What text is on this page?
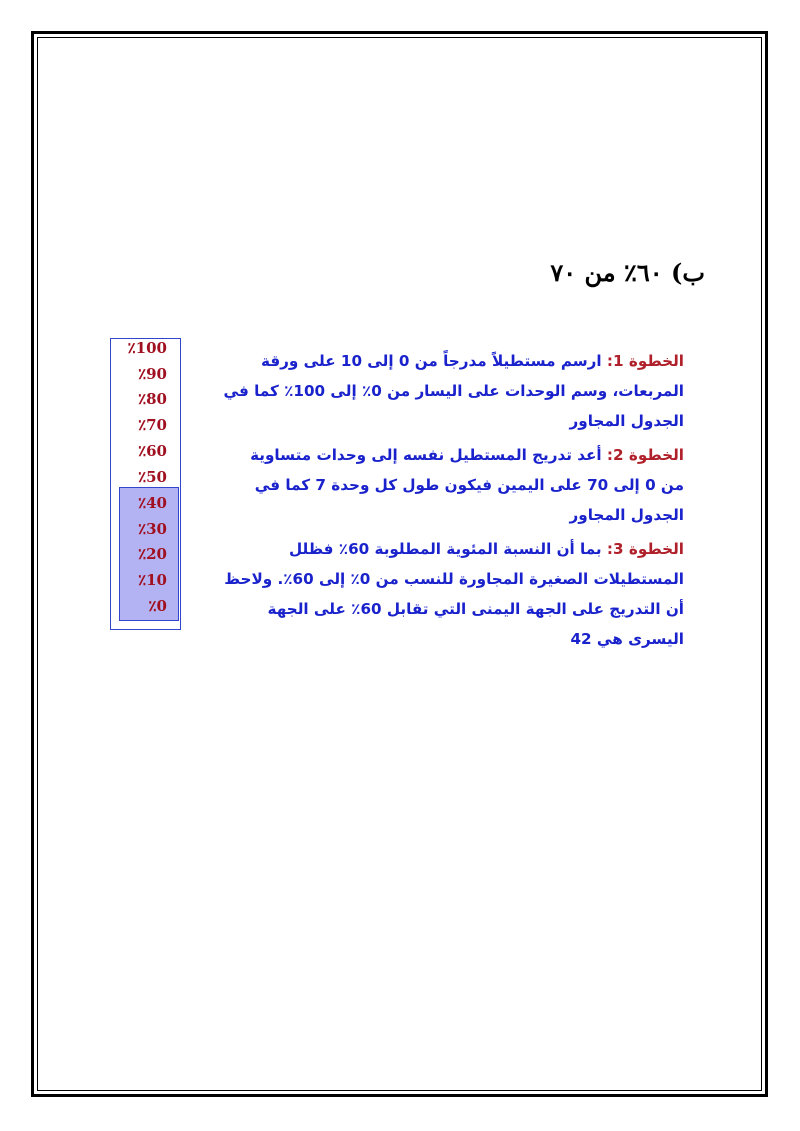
ب) ٦٠٪ من ٧٠
٪100
٪90
٪80
٪70
٪60
٪50
٪40
٪30
٪20
٪10
٪0

الخطوة 1: ارسم مستطيلاً مدرجاً من 0 إلى 10 على ورقة المربعات، وسم الوحدات على اليسار من 0٪ إلى 100٪ كما في الجدول المجاور

الخطوة 2: أعد تدريج المستطيل نفسه إلى وحدات متساوية من 0 إلى 70 على اليمين فيكون طول كل وحدة 7 كما في الجدول المجاور

الخطوة 3: بما أن النسبة المئوية المطلوبة 60٪ فظلل المستطيلات الصغيرة المجاورة للنسب من 0٪ إلى 60٪. ولاحظ أن التدريج على الجهة اليمنى التي تقابل 60٪ على الجهة اليسرى هي 42
